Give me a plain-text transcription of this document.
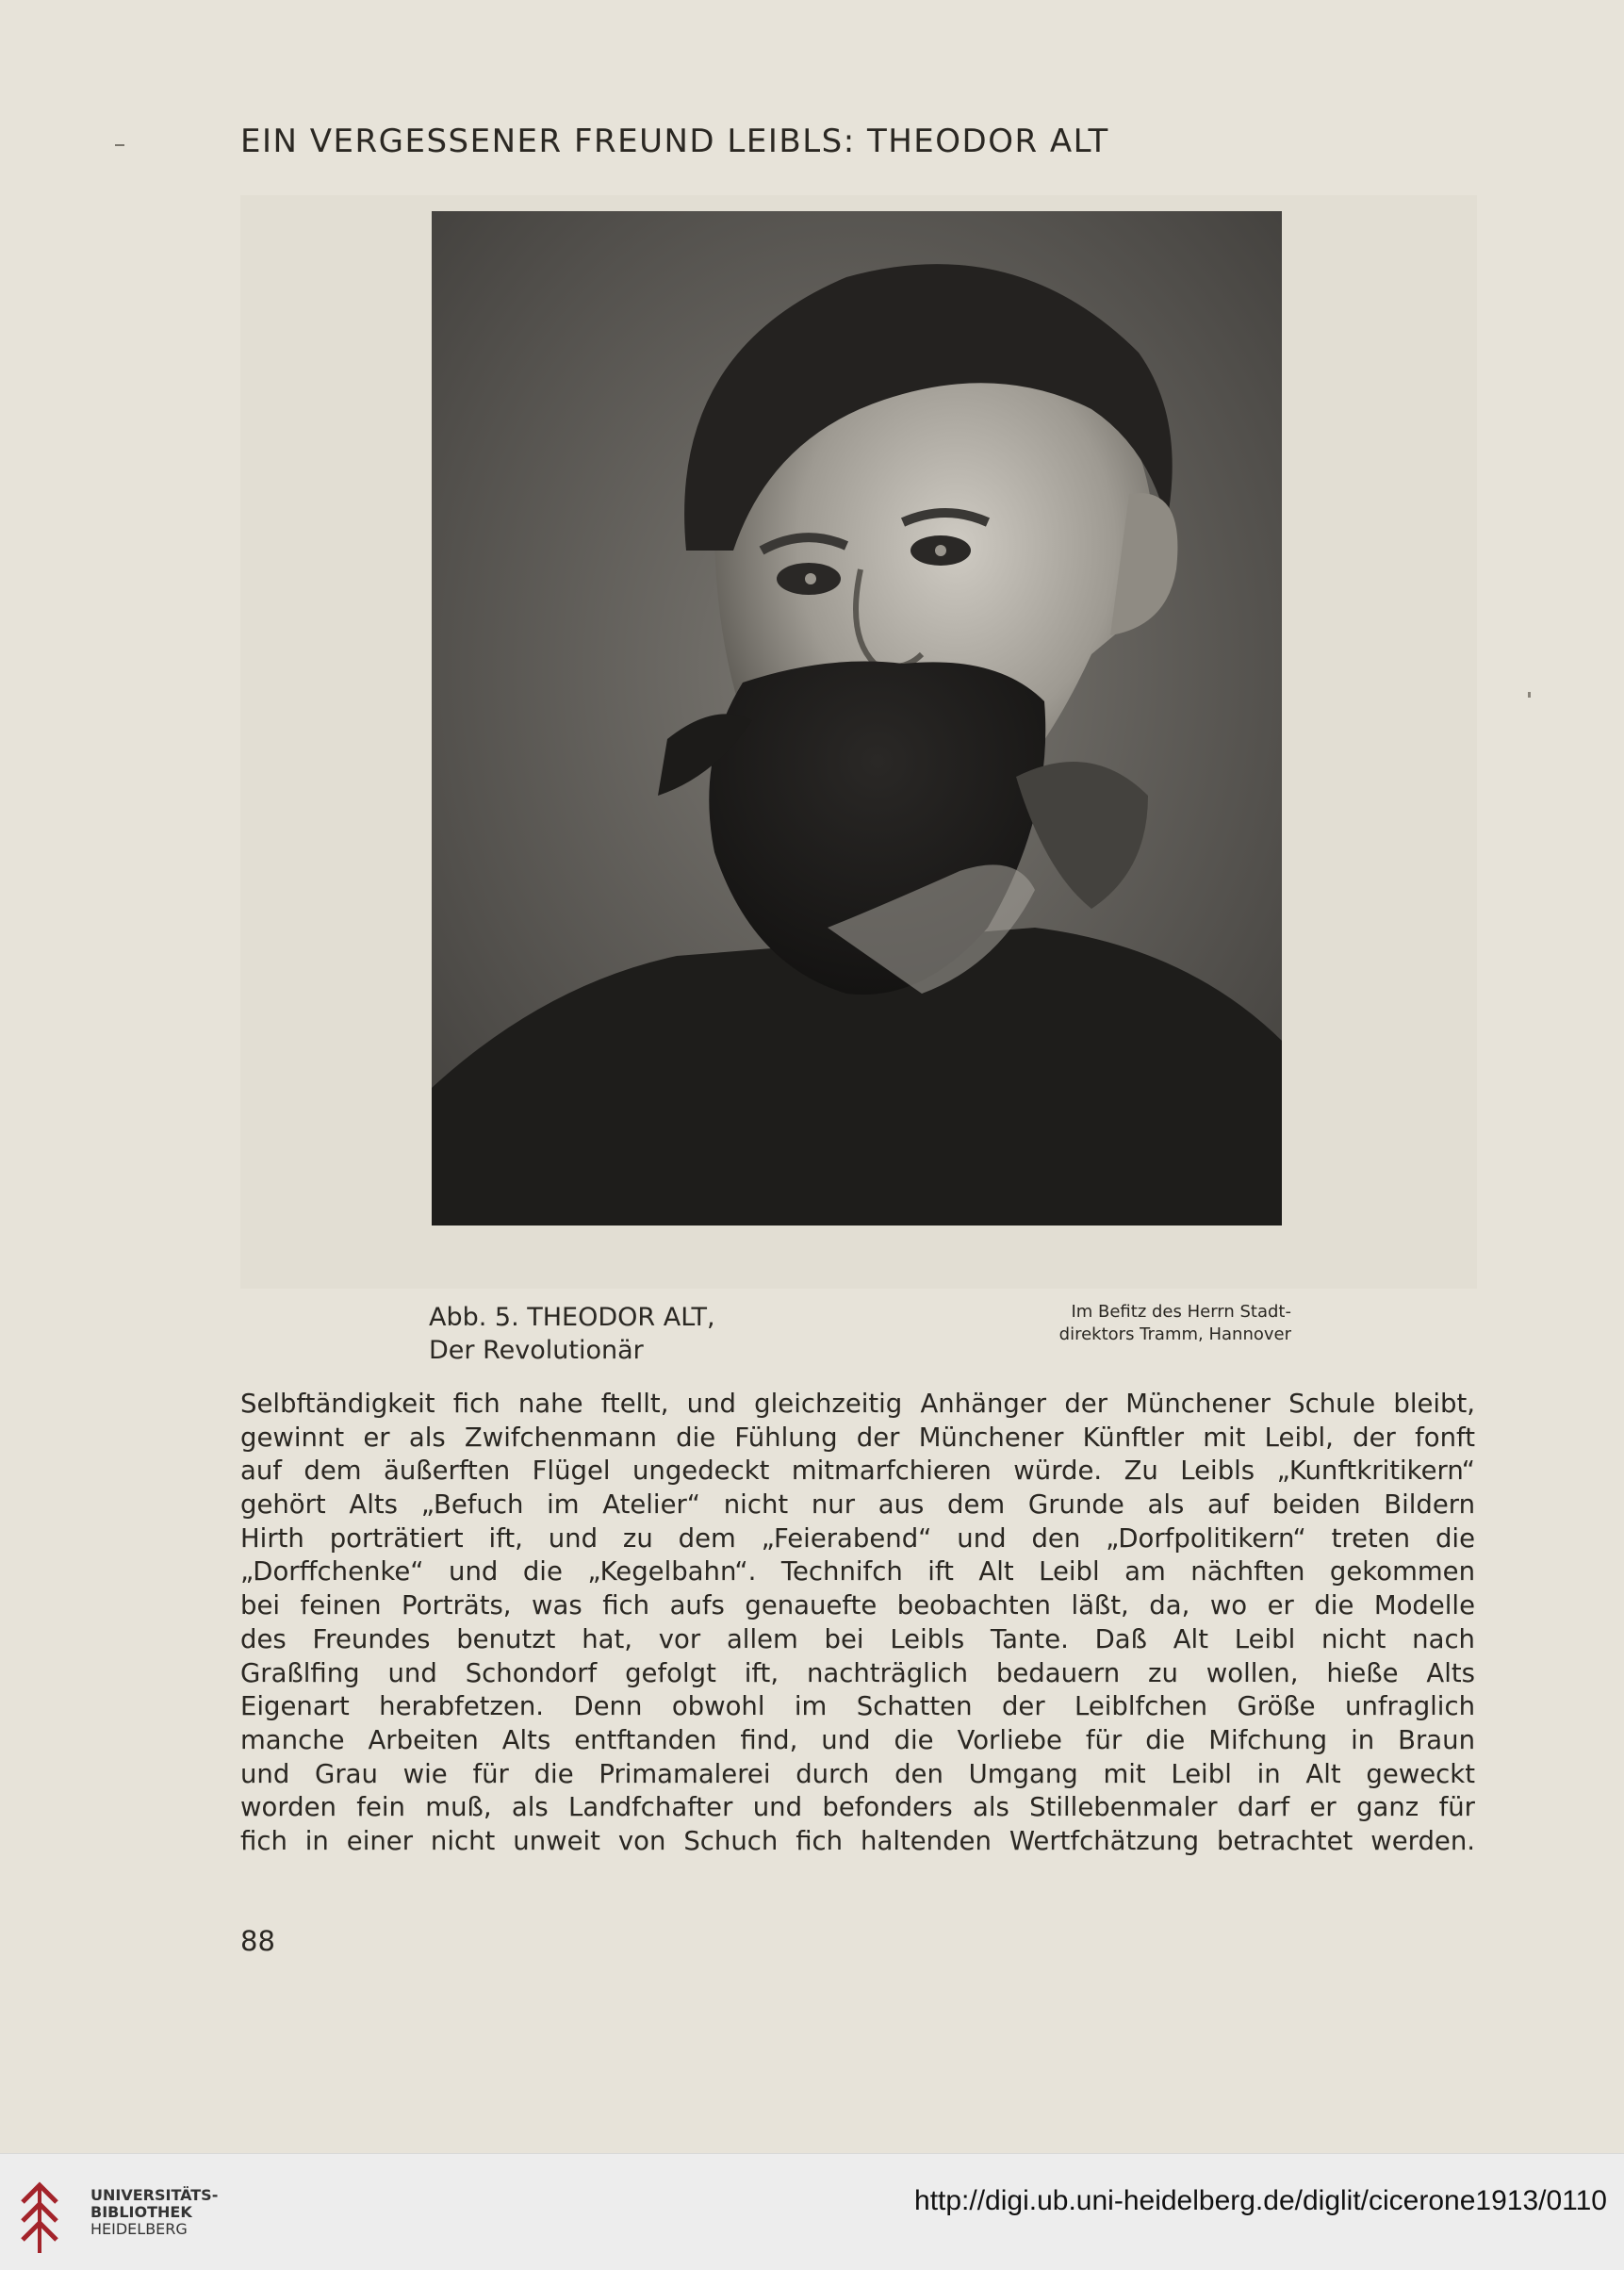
EIN VERGESSENER FREUND LEIBLS: THEODOR ALT
Abb. 5. THEODOR ALT,
Der Revolutionär
Im Befitz des Herrn Stadt-
direktors Tramm, Hannover
Selbftändigkeit fich nahe ftellt, und gleichzeitig Anhänger der Münchener Schule bleibt,
gewinnt er als Zwifchenmann die Fühlung der Münchener Künftler mit Leibl, der fonft
auf dem äußerften Flügel ungedeckt mitmarfchieren würde. Zu Leibls „Kunftkritikern“
gehört Alts „Befuch im Atelier“ nicht nur aus dem Grunde als auf beiden Bildern
Hirth porträtiert ift, und zu dem „Feierabend“ und den „Dorfpolitikern“ treten die
„Dorffchenke“ und die „Kegelbahn“. Technifch ift Alt Leibl am nächften gekommen
bei feinen Porträts, was fich aufs genauefte beobachten läßt, da, wo er die Modelle
des Freundes benutzt hat, vor allem bei Leibls Tante. Daß Alt Leibl nicht nach
Graßlfing und Schondorf gefolgt ift, nachträglich bedauern zu wollen, hieße Alts
Eigenart herabfetzen. Denn obwohl im Schatten der Leiblfchen Größe unfraglich
manche Arbeiten Alts entftanden find, und die Vorliebe für die Mifchung in Braun
und Grau wie für die Primamalerei durch den Umgang mit Leibl in Alt geweckt
worden fein muß, als Landfchafter und befonders als Stillebenmaler darf er ganz für
fich in einer nicht unweit von Schuch fich haltenden Wertfchätzung betrachtet werden.
88
UNIVERSITÄTS-
BIBLIOTHEK
HEIDELBERG
http://digi.ub.uni-heidelberg.de/diglit/cicerone1913/0110
